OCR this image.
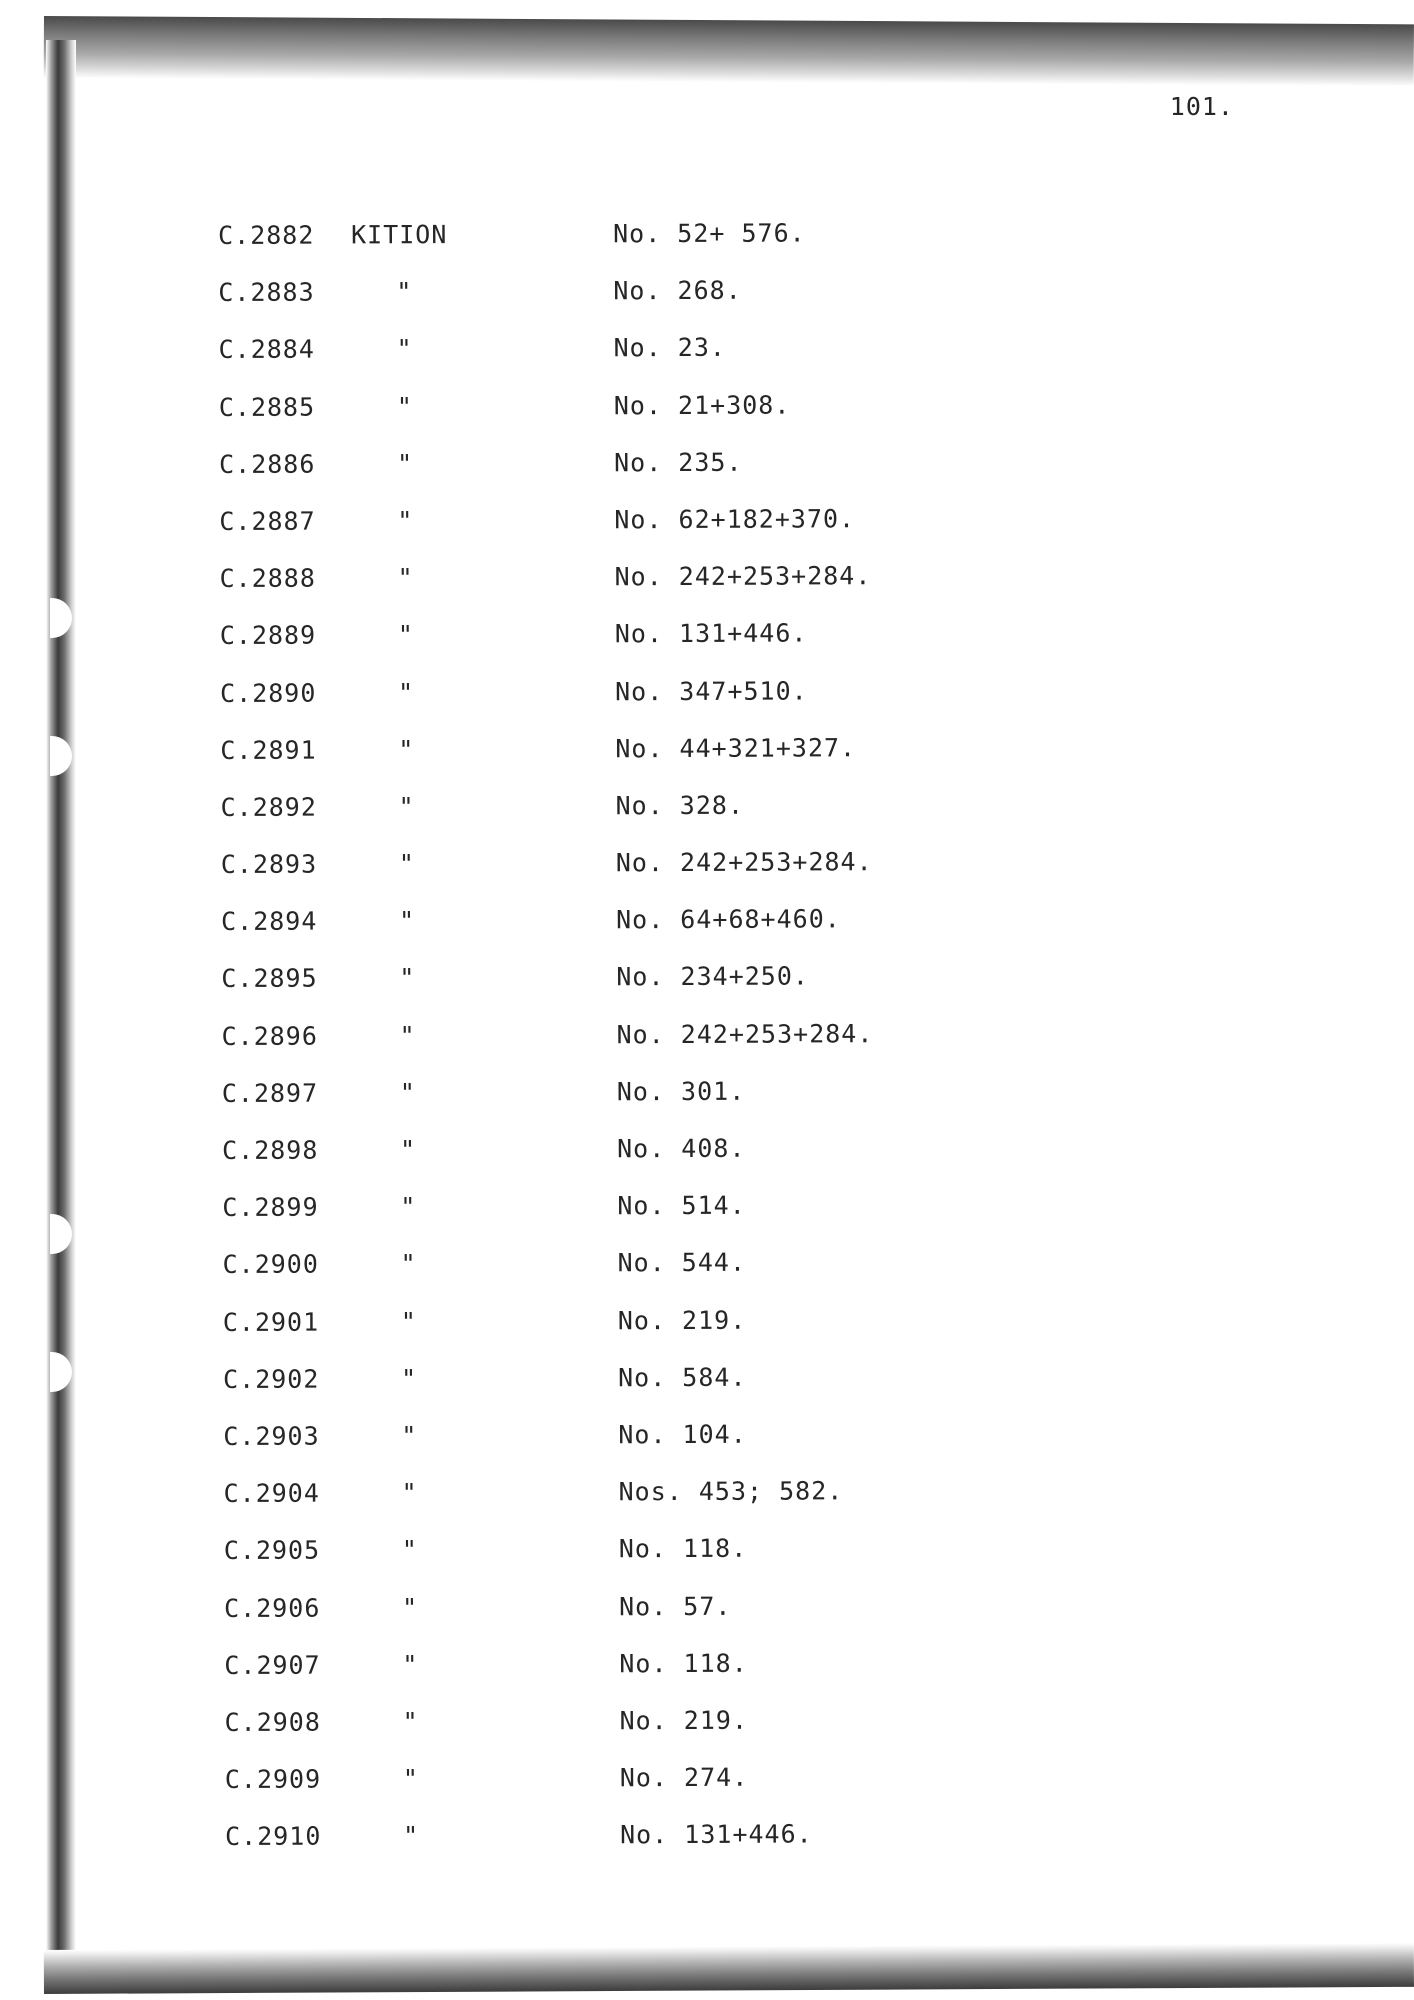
101.
C.2882 KITION	No. 52+ 576.
C.2883	"	No. 268.
C.2884	"	No. 23.
C.2885	"	No. 21+308.
C.2886	"	No. 235.
C.2887	"	No. 62+182+370.
C.2888	"	No. 242+253+284.
C.2889	"	No. 131+446.
C.2890	"	No. 347+510.
C.2891	"	No. 44+321+327.
C.2892	"	No. 328.
C.2893	"	No. 242+253+284.
C.2894	"	No. 64+68+460.
C.2895	"	No. 234+250.
C.2896	"	No. 242+253+284.
C.2897	"	No. 301.
C.2898	"	No. 408.
C.2899	"	No. 514.
C.2900	"	No. 544.
C.2901	"	No. 219.
C.2902	"	No. 584.
C.2903	"	No. 104.
C.2904	"	Nos. 453; 582.
C.2905	"	No. 118.
C.2906	"	No. 57.
C.2907	"	No. 118.
C.2908	"	No. 219.
C.2909	"	No. 274.
C.2910	"	No. 131+446.
